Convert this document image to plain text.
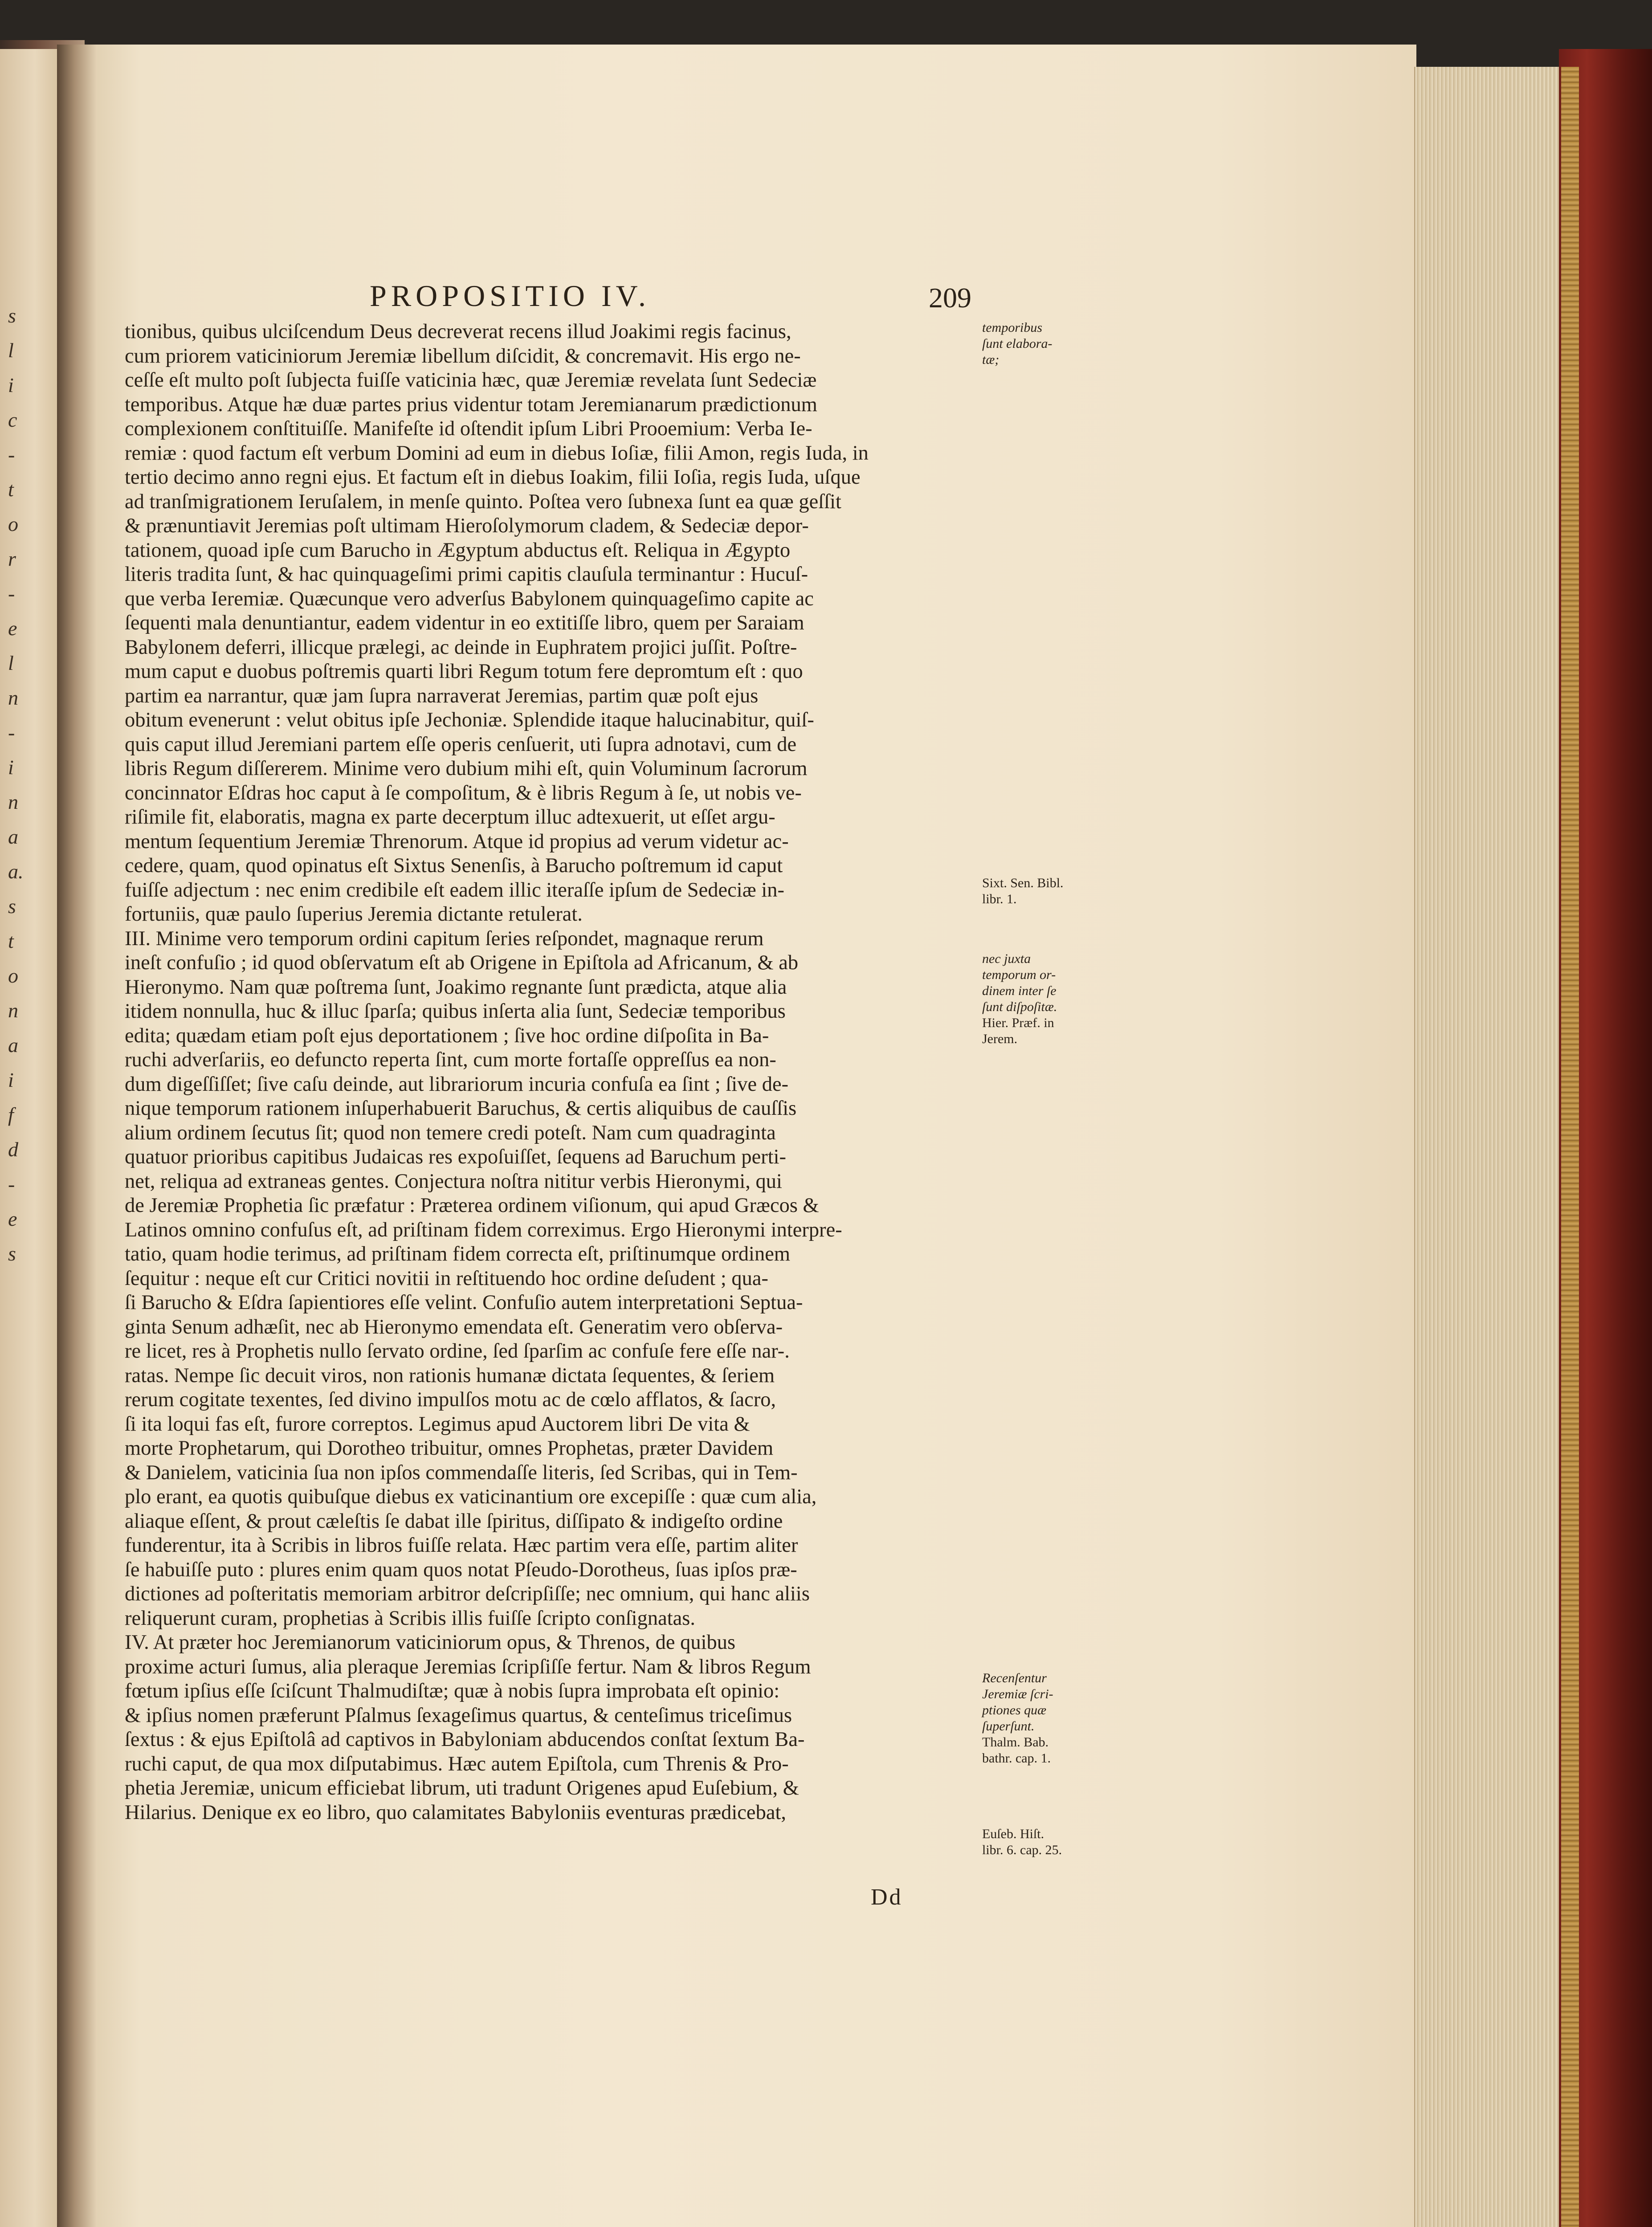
s
l
i
c
-
t
o
r
-
e
l
n
-
i
n
a
a.
s
t
o
n
a
i
f
d
-
e
s
PROPOSITIO IV.	209
tionibus, quibus ulciſcendum Deus decreverat recens illud Joakimi regis facinus,
cum priorem vaticiniorum Jeremiæ libellum diſcidit, & concremavit. His ergo ne-
ceſſe eſt multo poſt ſubjecta fuiſſe vaticinia hæc, quæ Jeremiæ revelata ſunt Sedeciæ
temporibus. Atque hæ duæ partes prius videntur totam Jeremianarum prædictionum
complexionem conſtituiſſe. Manifeſte id oſtendit ipſum Libri Prooemium: Verba Ie-
remiæ : quod factum eſt verbum Domini ad eum in diebus Ioſiæ, filii Amon, regis Iuda, in
tertio decimo anno regni ejus. Et factum eſt in diebus Ioakim, filii Ioſia, regis Iuda, uſque
ad tranſmigrationem Ieruſalem, in menſe quinto. Poſtea vero ſubnexa ſunt ea quæ geſſit
& prænuntiavit Jeremias poſt ultimam Hieroſolymorum cladem, & Sedeciæ depor-
tationem, quoad ipſe cum Barucho in Ægyptum abductus eſt. Reliqua in Ægypto
literis tradita ſunt, & hac quinquageſimi primi capitis clauſula terminantur : Hucuſ-
que verba Ieremiæ. Quæcunque vero adverſus Babylonem quinquageſimo capite ac
ſequenti mala denuntiantur, eadem videntur in eo extitiſſe libro, quem per Saraiam
Babylonem deferri, illicque prælegi, ac deinde in Euphratem projici juſſit. Poſtre-
mum caput e duobus poſtremis quarti libri Regum totum fere depromtum eſt : quo
partim ea narrantur, quæ jam ſupra narraverat Jeremias, partim quæ poſt ejus
obitum evenerunt : velut obitus ipſe Jechoniæ. Splendide itaque halucinabitur, quiſ-
quis caput illud Jeremiani partem eſſe operis cenſuerit, uti ſupra adnotavi, cum de
libris Regum diſſererem. Minime vero dubium mihi eſt, quin Voluminum ſacrorum
concinnator Eſdras hoc caput à ſe compoſitum, & è libris Regum à ſe, ut nobis ve-
riſimile fit, elaboratis, magna ex parte decerptum illuc adtexuerit, ut eſſet argu-
mentum ſequentium Jeremiæ Threnorum. Atque id propius ad verum videtur ac-
cedere, quam, quod opinatus eſt Sixtus Senenſis, à Barucho poſtremum id caput
fuiſſe adjectum : nec enim credibile eſt eadem illic iteraſſe ipſum de Sedeciæ in-
fortuniis, quæ paulo ſuperius Jeremia dictante retulerat.
III. Minime vero temporum ordini capitum ſeries reſpondet, magnaque rerum
ineſt confuſio ; id quod obſervatum eſt ab Origene in Epiſtola ad Africanum, & ab
Hieronymo. Nam quæ poſtrema ſunt, Joakimo regnante ſunt prædicta, atque alia
itidem nonnulla, huc & illuc ſparſa; quibus inſerta alia ſunt, Sedeciæ temporibus
edita; quædam etiam poſt ejus deportationem ; ſive hoc ordine diſpoſita in Ba-
ruchi adverſariis, eo defuncto reperta ſint, cum morte fortaſſe oppreſſus ea non-
dum digeſſiſſet; ſive caſu deinde, aut librariorum incuria confuſa ea ſint ; ſive de-
nique temporum rationem inſuperhabuerit Baruchus, & certis aliquibus de cauſſis
alium ordinem ſecutus ſit; quod non temere credi poteſt. Nam cum quadraginta
quatuor prioribus capitibus Judaicas res expoſuiſſet, ſequens ad Baruchum perti-
net, reliqua ad extraneas gentes. Conjectura noſtra nititur verbis Hieronymi, qui
de Jeremiæ Prophetia ſic præfatur : Præterea ordinem viſionum, qui apud Græcos &
Latinos omnino confuſus eſt, ad priſtinam fidem correximus. Ergo Hieronymi interpre-
tatio, quam hodie terimus, ad priſtinam fidem correcta eſt, priſtinumque ordinem
ſequitur : neque eſt cur Critici novitii in reſtituendo hoc ordine deſudent ; qua-
ſi Barucho & Eſdra ſapientiores eſſe velint. Confuſio autem interpretationi Septua-
ginta Senum adhæſit, nec ab Hieronymo emendata eſt. Generatim vero obſerva-
re licet, res à Prophetis nullo ſervato ordine, ſed ſparſim ac confuſe fere eſſe nar-.
ratas. Nempe ſic decuit viros, non rationis humanæ dictata ſequentes, & ſeriem
rerum cogitate texentes, ſed divino impulſos motu ac de cœlo afflatos, & ſacro,
ſi ita loqui fas eſt, furore correptos. Legimus apud Auctorem libri De vita &
morte Prophetarum, qui Dorotheo tribuitur, omnes Prophetas, præter Davidem
& Danielem, vaticinia ſua non ipſos commendaſſe literis, ſed Scribas, qui in Tem-
plo erant, ea quotis quibuſque diebus ex vaticinantium ore excepiſſe : quæ cum alia,
aliaque eſſent, & prout cæleſtis ſe dabat ille ſpiritus, diſſipato & indigeſto ordine
funderentur, ita à Scribis in libros fuiſſe relata. Hæc partim vera eſſe, partim aliter
ſe habuiſſe puto : plures enim quam quos notat Pſeudo-Dorotheus, ſuas ipſos præ-
dictiones ad poſteritatis memoriam arbitror deſcripſiſſe; nec omnium, qui hanc aliis
reliquerunt curam, prophetias à Scribis illis fuiſſe ſcripto conſignatas.
IV. At præter hoc Jeremianorum vaticiniorum opus, & Threnos, de quibus
proxime acturi ſumus, alia pleraque Jeremias ſcripſiſſe fertur. Nam & libros Regum
fœtum ipſius eſſe ſciſcunt Thalmudiſtæ; quæ à nobis ſupra improbata eſt opinio:
& ipſius nomen præferunt Pſalmus ſexageſimus quartus, & centeſimus triceſimus
ſextus : & ejus Epiſtolâ ad captivos in Babyloniam abducendos conſtat ſextum Ba-
ruchi caput, de qua mox diſputabimus. Hæc autem Epiſtola, cum Threnis & Pro-
phetia Jeremiæ, unicum efficiebat librum, uti tradunt Origenes apud Euſebium, &
Hilarius. Denique ex eo libro, quo calamitates Babyloniis eventuras prædicebat,
temporibus
ſunt elabora-
tæ;
Sixt. Sen. Bibl.
libr. 1.
nec juxta
temporum or-
dinem inter ſe
ſunt diſpoſitæ.
Hier. Præf. in
Jerem.
Recenſentur
Jeremiæ ſcri-
ptiones quæ
ſuperſunt.
Thalm. Bab.
bathr. cap. 1.
Euſeb. Hiſt.
libr. 6. cap. 25.
Dd
